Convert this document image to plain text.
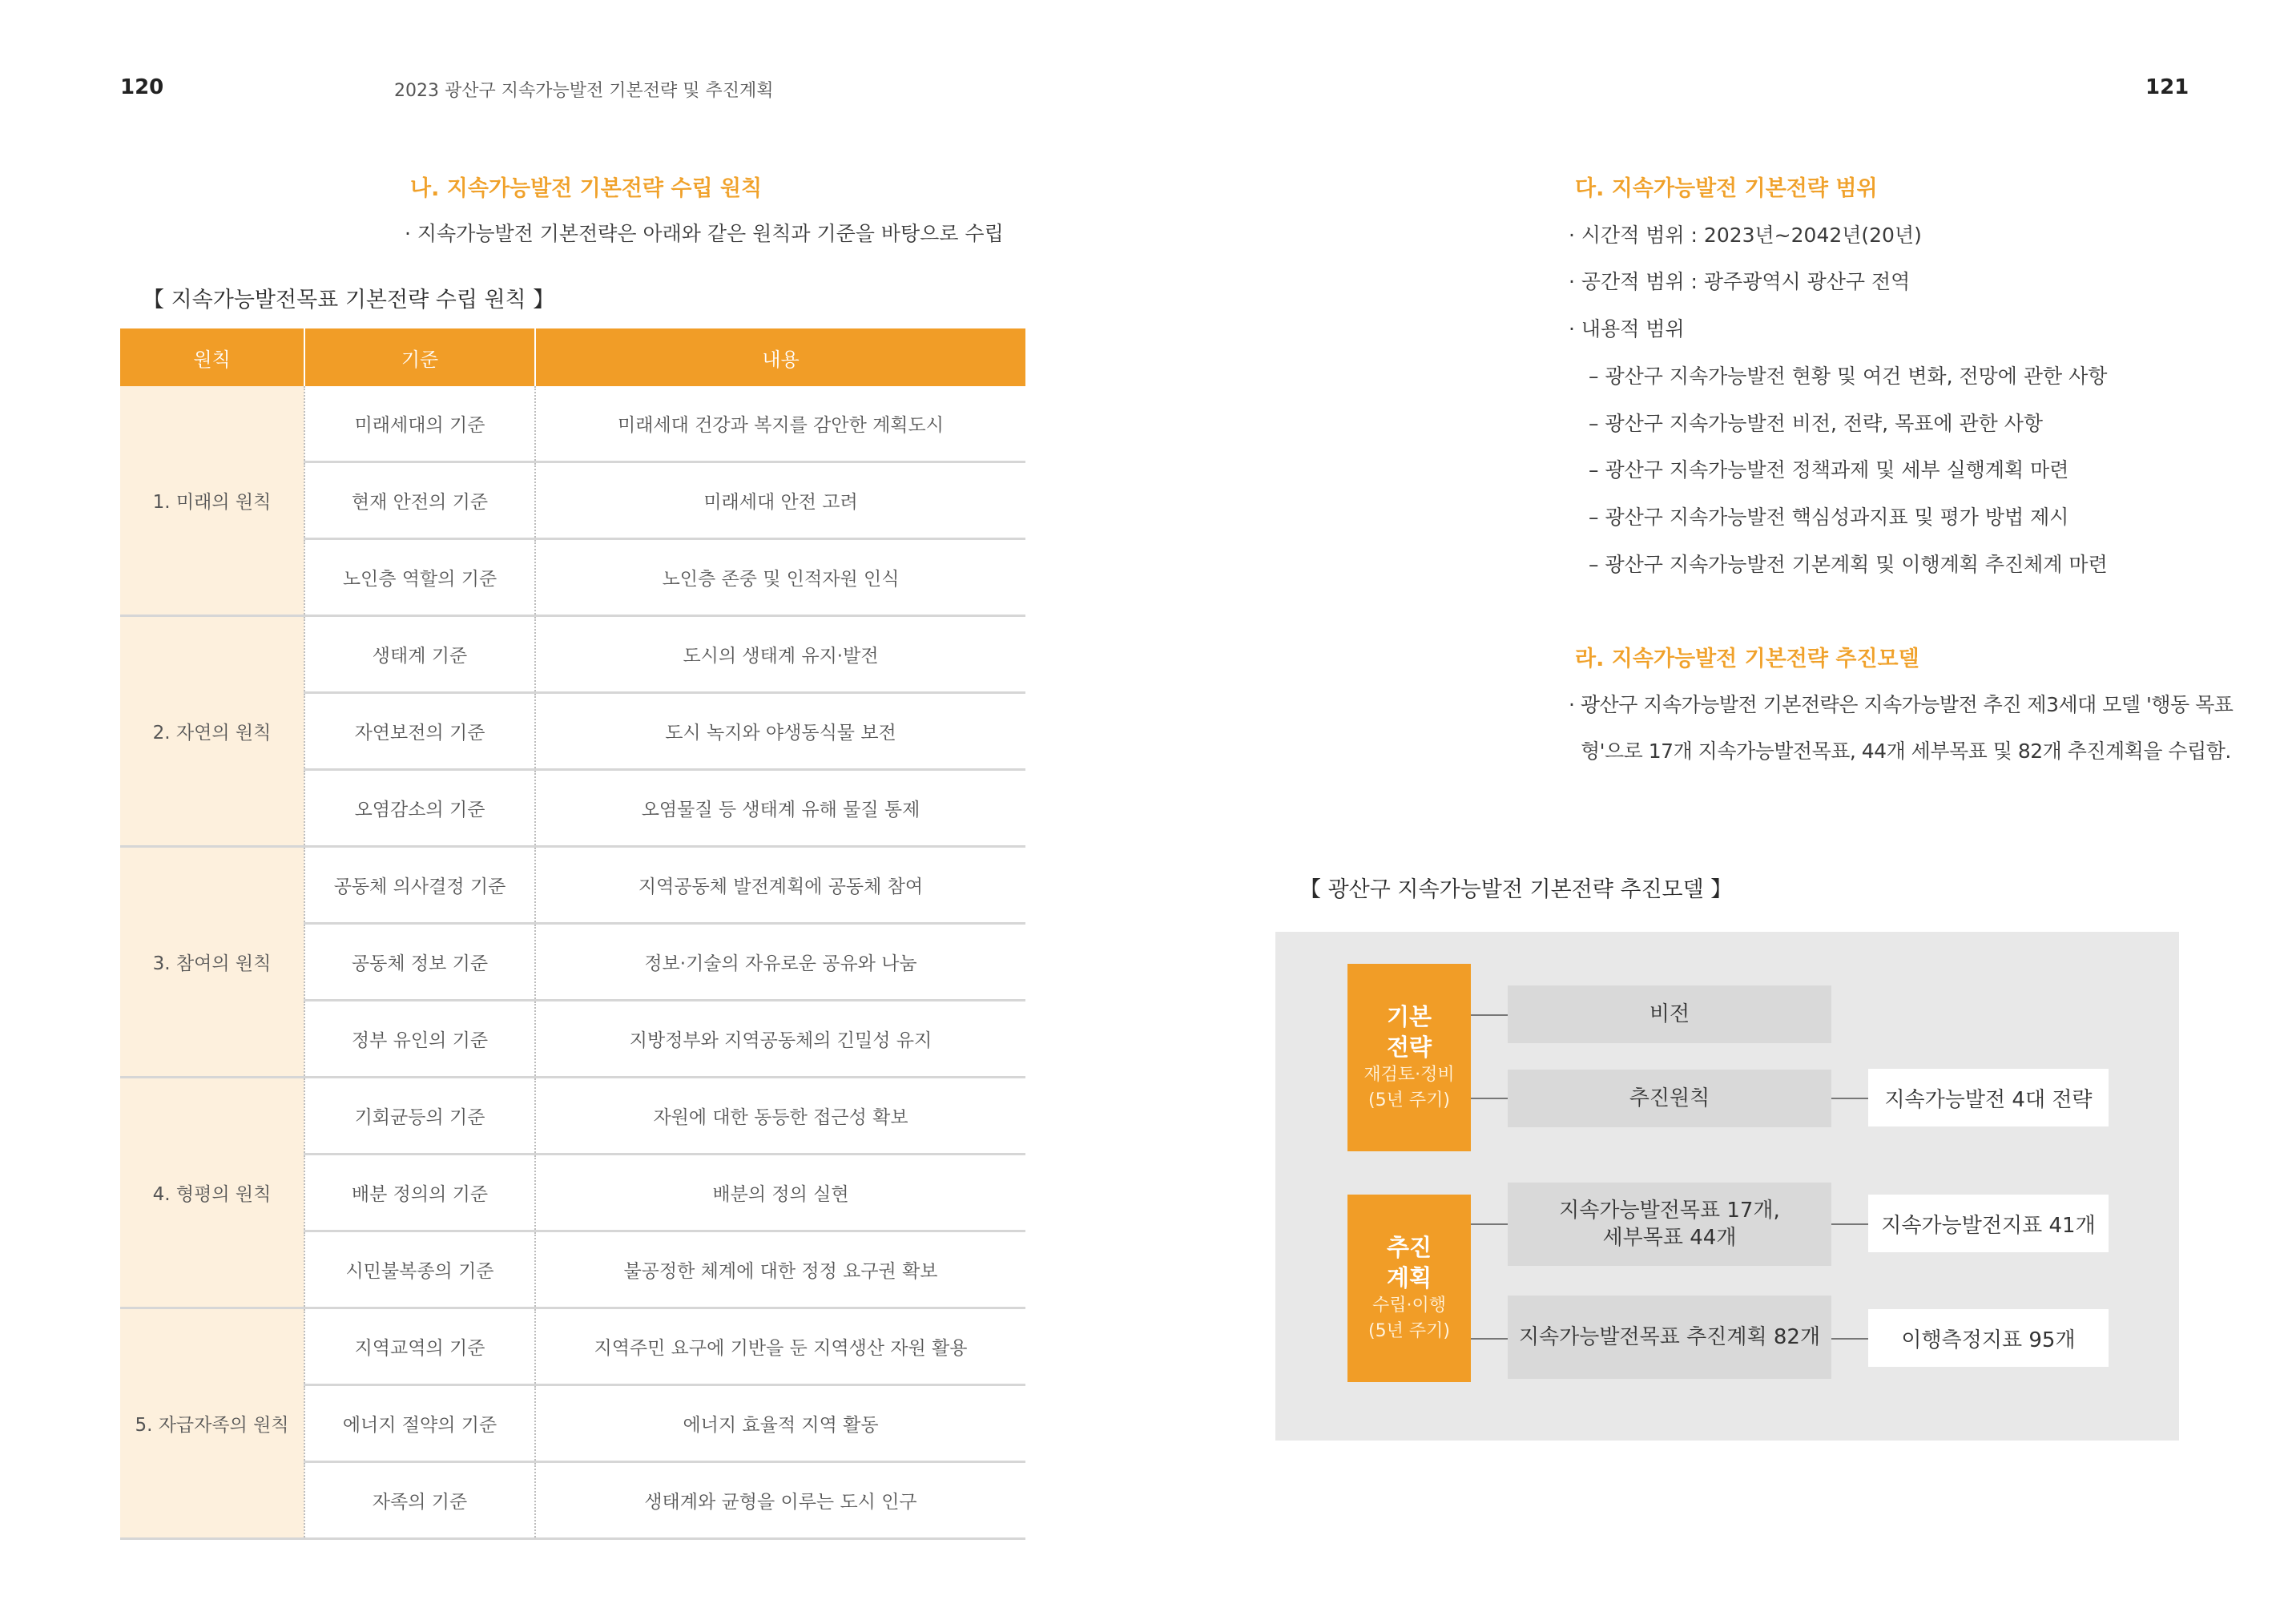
120	2023 광산구 지속가능발전 기본전략 및 추진계획	121
나. 지속가능발전 기본전략 수립 원칙
· 지속가능발전 기본전략은 아래와 같은 원칙과 기준을 바탕으로 수립
【 지속가능발전목표 기본전략 수립 원칙 】
원칙	기준	내용
1. 미래의 원칙	미래세대의 기준	미래세대 건강과 복지를 감안한 계획도시
	현재 안전의 기준	미래세대 안전 고려
	노인층 역할의 기준	노인층 존중 및 인적자원 인식
2. 자연의 원칙	생태계 기준	도시의 생태계 유지·발전
	자연보전의 기준	도시 녹지와 야생동식물 보전
	오염감소의 기준	오염물질 등 생태계 유해 물질 통제
3. 참여의 원칙	공동체 의사결정 기준	지역공동체 발전계획에 공동체 참여
	공동체 정보 기준	정보·기술의 자유로운 공유와 나눔
	정부 유인의 기준	지방정부와 지역공동체의 긴밀성 유지
4. 형평의 원칙	기회균등의 기준	자원에 대한 동등한 접근성 확보
	배분 정의의 기준	배분의 정의 실현
	시민불복종의 기준	불공정한 체계에 대한 정정 요구권 확보
5. 자급자족의 원칙	지역교역의 기준	지역주민 요구에 기반을 둔 지역생산 자원 활용
	에너지 절약의 기준	에너지 효율적 지역 활동
	자족의 기준	생태계와 균형을 이루는 도시 인구
다. 지속가능발전 기본전략 범위
· 시간적 범위 : 2023년~2042년(20년)
· 공간적 범위 : 광주광역시 광산구 전역
· 내용적 범위
– 광산구 지속가능발전 현황 및 여건 변화, 전망에 관한 사항
– 광산구 지속가능발전 비전, 전략, 목표에 관한 사항
– 광산구 지속가능발전 정책과제 및 세부 실행계획 마련
– 광산구 지속가능발전 핵심성과지표 및 평가 방법 제시
– 광산구 지속가능발전 기본계획 및 이행계획 추진체계 마련
라. 지속가능발전 기본전략 추진모델
· 광산구 지속가능발전 기본전략은 지속가능발전 추진 제3세대 모델 '행동 목표
형'으로 17개 지속가능발전목표, 44개 세부목표 및 82개 추진계획을 수립함.
【 광산구 지속가능발전 기본전략 추진모델 】
기본
전략
재검토·정비
(5년 주기)
추진
계획
수립·이행
(5년 주기)
비전
추진원칙
지속가능발전목표 17개,
세부목표 44개
지속가능발전목표 추진계획 82개
지속가능발전 4대 전략
지속가능발전지표 41개
이행측정지표 95개
